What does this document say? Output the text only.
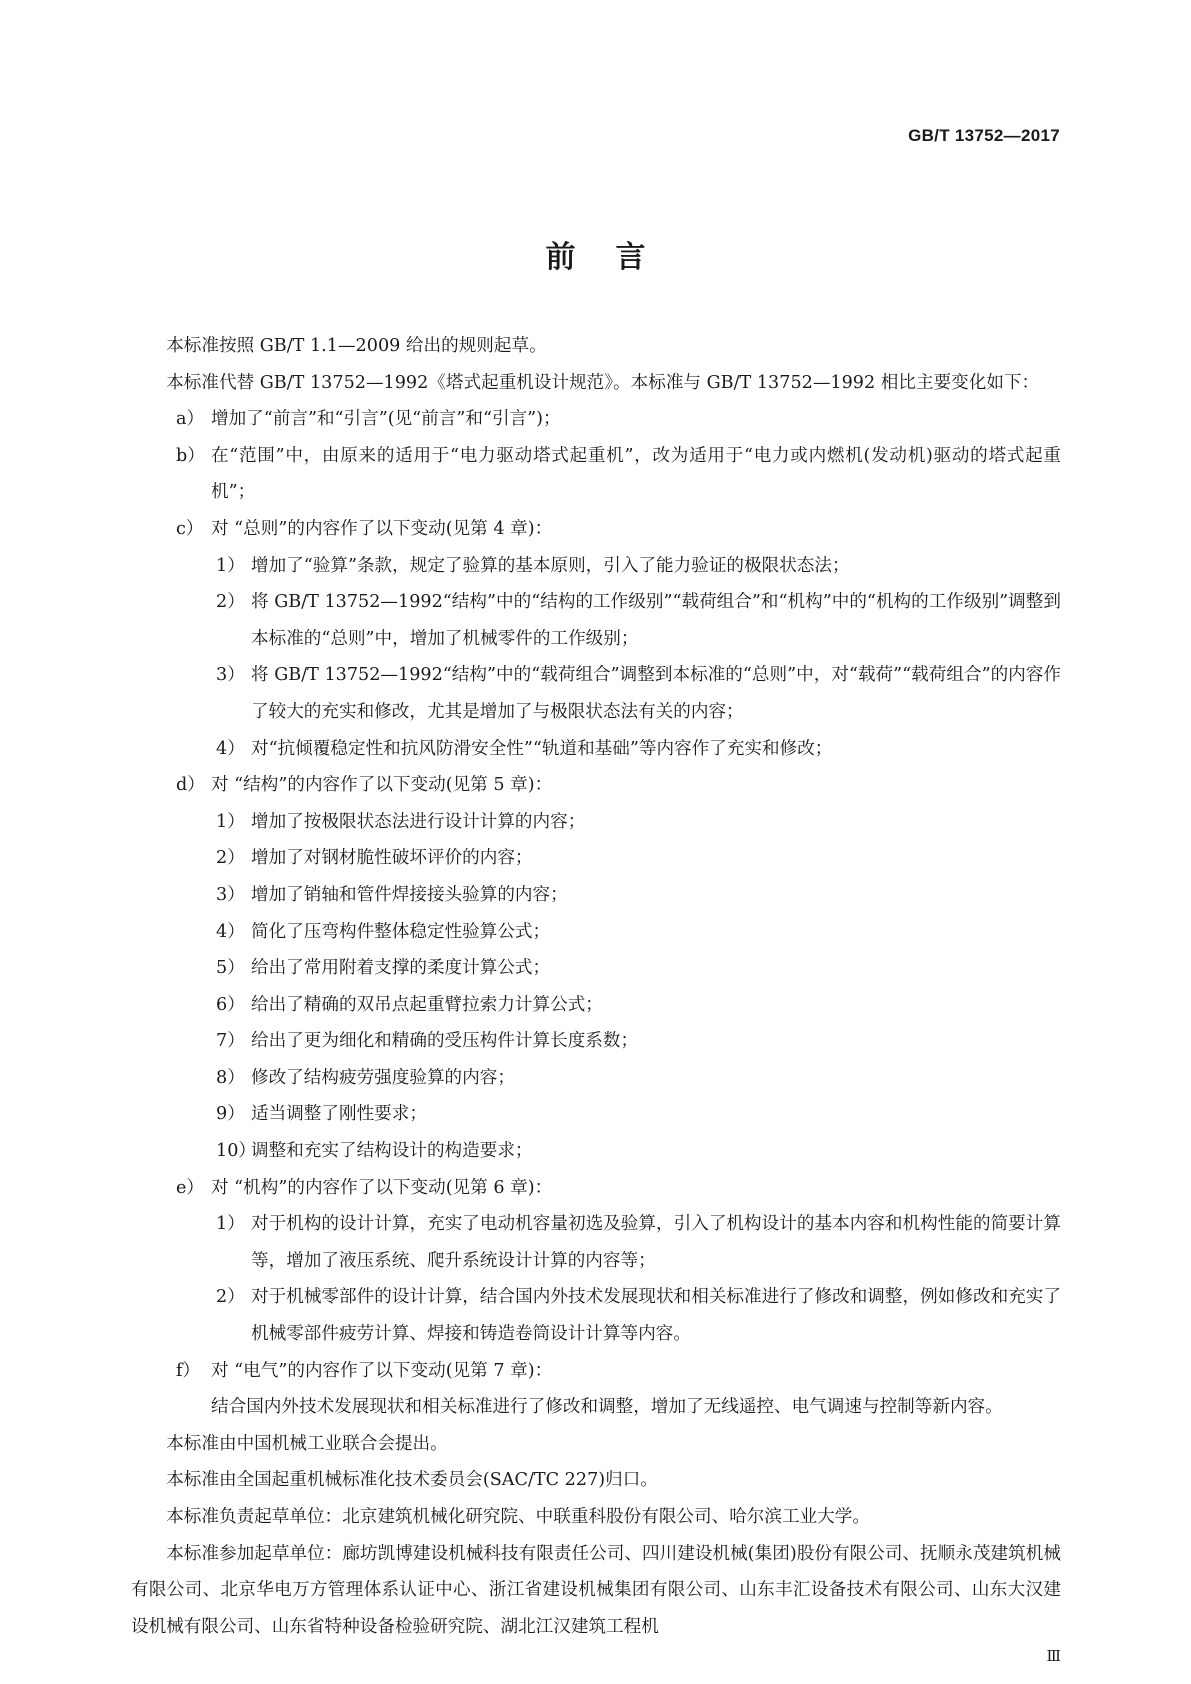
GB/T 13752—2017
前言

本标准按照 GB/T 1.1—2009 给出的规则起草。

本标准代替 GB/T 13752—1992《塔式起重机设计规范》。本标准与 GB/T 13752—1992 相比主要变化如下：

a） 增加了“前言”和“引言”(见“前言”和“引言”)；
b） 在“范围”中，由原来的适用于“电力驱动塔式起重机”，改为适用于“电力或内燃机(发动机)驱动的塔式起重机”；
c） 对 “总则”的内容作了以下变动(见第 4 章)：
1） 增加了“验算”条款，规定了验算的基本原则，引入了能力验证的极限状态法；
2） 将 GB/T 13752—1992“结构”中的“结构的工作级别”“载荷组合”和“机构”中的“机构的工作级别”调整到本标准的“总则”中，增加了机械零件的工作级别；
3） 将 GB/T 13752—1992“结构”中的“载荷组合”调整到本标准的“总则”中，对“载荷”“载荷组合”的内容作了较大的充实和修改，尤其是增加了与极限状态法有关的内容；
4） 对“抗倾覆稳定性和抗风防滑安全性”“轨道和基础”等内容作了充实和修改；
d） 对 “结构”的内容作了以下变动(见第 5 章)：
1） 增加了按极限状态法进行设计计算的内容；
2） 增加了对钢材脆性破坏评价的内容；
3） 增加了销轴和管件焊接接头验算的内容；
4） 简化了压弯构件整体稳定性验算公式；
5） 给出了常用附着支撑的柔度计算公式；
6） 给出了精确的双吊点起重臂拉索力计算公式；
7） 给出了更为细化和精确的受压构件计算长度系数；
8） 修改了结构疲劳强度验算的内容；
9） 适当调整了刚性要求；
10）
调整和充实了结构设计的构造要求；
e） 对 “机构”的内容作了以下变动(见第 6 章)：
1） 对于机构的设计计算，充实了电动机容量初选及验算，引入了机构设计的基本内容和机构性能的简要计算等，增加了液压系统、爬升系统设计计算的内容等；
2） 对于机械零部件的设计计算，结合国内外技术发展现状和相关标准进行了修改和调整，例如修改和充实了机械零部件疲劳计算、焊接和铸造卷筒设计计算等内容。
f） 对 “电气”的内容作了以下变动(见第 7 章)：

结合国内外技术发展现状和相关标准进行了修改和调整，增加了无线遥控、电气调速与控制等新内容。

本标准由中国机械工业联合会提出。

本标准由全国起重机械标准化技术委员会(SAC/TC 227)归口。

本标准负责起草单位：北京建筑机械化研究院、中联重科股份有限公司、哈尔滨工业大学。

本标准参加起草单位：廊坊凯博建设机械科技有限责任公司、四川建设机械(集团)股份有限公司、抚顺永茂建筑机械有限公司、北京华电万方管理体系认证中心、浙江省建设机械集团有限公司、山东丰汇设备技术有限公司、山东大汉建设机械有限公司、山东省特种设备检验研究院、湖北江汉建筑工程机

Ⅲ
